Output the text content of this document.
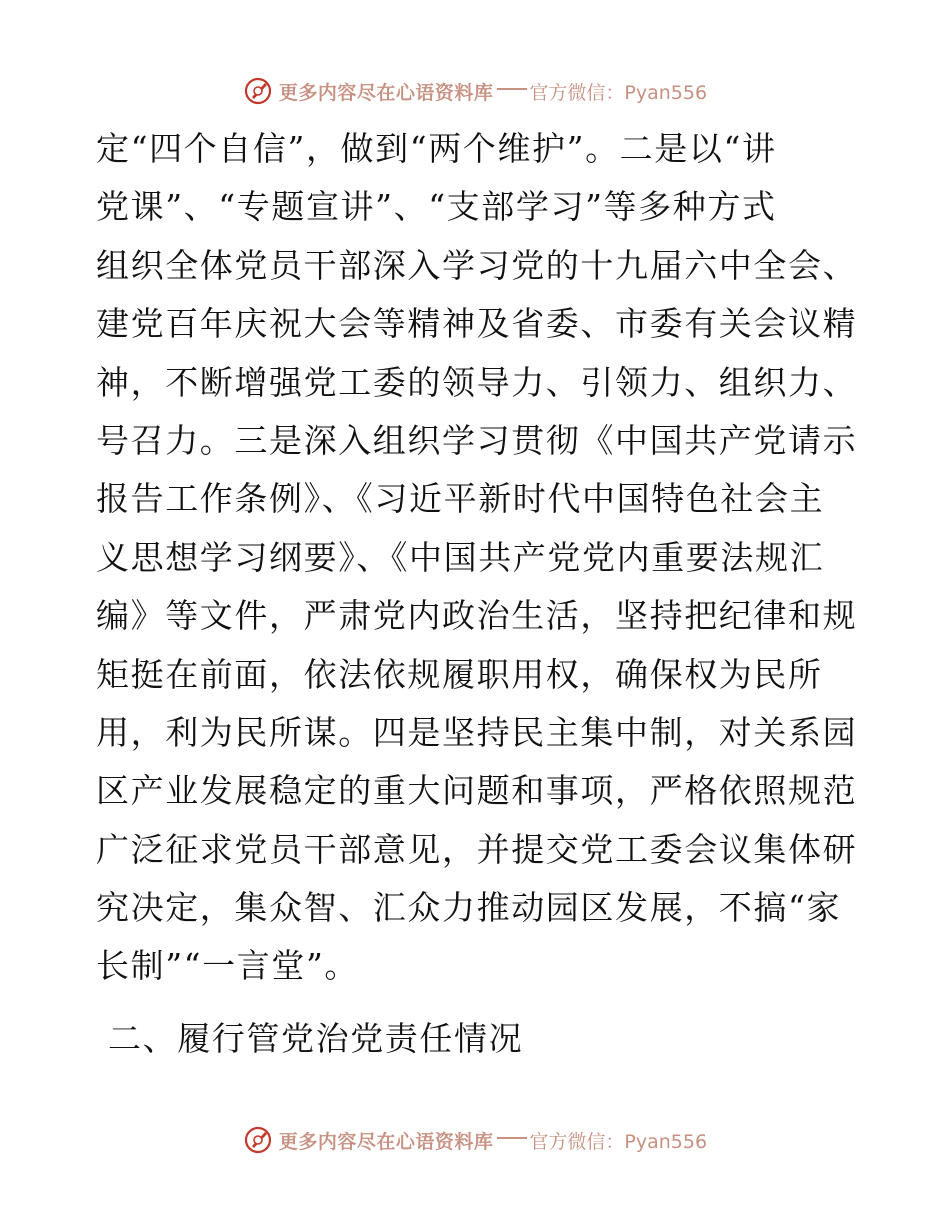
更多内容尽在心语资料库 官方微信：Pyan556
定“四个自信”，做到“两个维护”。二是以“讲
党课”、“专题宣讲”、“支部学习”等多种方式
组织全体党员干部深入学习党的十九届六中全会、
建党百年庆祝大会等精神及省委、市委有关会议精
神，不断增强党工委的领导力、引领力、组织力、
号召力。三是深入组织学习贯彻《中国共产党请示
报告工作条例》、《习近平新时代中国特色社会主
义思想学习纲要》、《中国共产党党内重要法规汇
编》等文件，严肃党内政治生活，坚持把纪律和规
矩挺在前面，依法依规履职用权，确保权为民所
用，利为民所谋。四是坚持民主集中制，对关系园
区产业发展稳定的重大问题和事项，严格依照规范
广泛征求党员干部意见，并提交党工委会议集体研
究决定，集众智、汇众力推动园区发展，不搞“家
长制”“一言堂”。
二、履行管党治党责任情况
更多内容尽在心语资料库 官方微信：Pyan556
